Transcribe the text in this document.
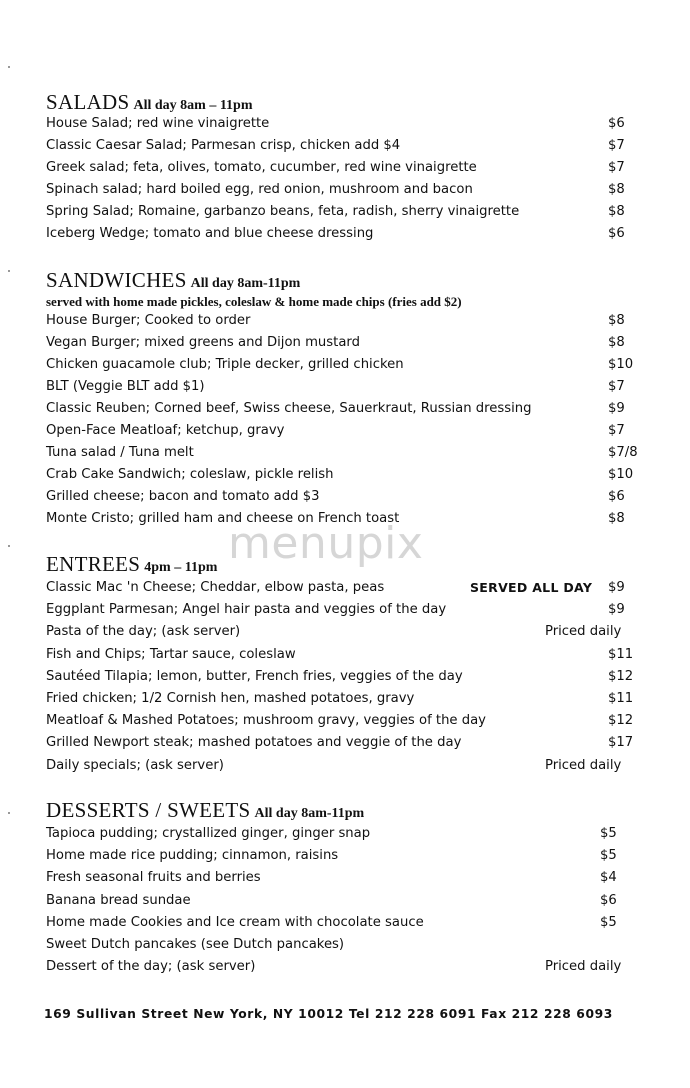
menupix
SALADS All day 8am – 11pm
House Salad; red wine vinaigrette	$6
Classic Caesar Salad; Parmesan crisp, chicken add $4	$7
Greek salad; feta, olives, tomato, cucumber, red wine vinaigrette	$7
Spinach salad; hard boiled egg, red onion, mushroom and bacon	$8
Spring Salad; Romaine, garbanzo beans, feta, radish, sherry vinaigrette	$8
Iceberg Wedge; tomato and blue cheese dressing	$6
SANDWICHES All day 8am-11pm
served with home made pickles, coleslaw & home made chips (fries add $2)
House Burger; Cooked to order	$8
Vegan Burger; mixed greens and Dijon mustard	$8
Chicken guacamole club; Triple decker, grilled chicken	$10
BLT (Veggie BLT add $1)	$7
Classic Reuben; Corned beef, Swiss cheese, Sauerkraut, Russian dressing	$9
Open-Face Meatloaf; ketchup, gravy	$7
Tuna salad / Tuna melt	$7/8
Crab Cake Sandwich; coleslaw, pickle relish	$10
Grilled cheese; bacon and tomato add $3	$6
Monte Cristo; grilled ham and cheese on French toast	$8
ENTREES 4pm – 11pm
Classic Mac 'n Cheese; Cheddar, elbow pasta, peas	SERVED ALL DAY $9
Eggplant Parmesan; Angel hair pasta and veggies of the day	$9
Pasta of the day; (ask server)	Priced daily
Fish and Chips; Tartar sauce, coleslaw	$11
Sautéed Tilapia; lemon, butter, French fries, veggies of the day	$12
Fried chicken; 1/2 Cornish hen, mashed potatoes, gravy	$11
Meatloaf & Mashed Potatoes; mushroom gravy, veggies of the day	$12
Grilled Newport steak; mashed potatoes and veggie of the day	$17
Daily specials; (ask server)	Priced daily
DESSERTS / SWEETS All day 8am-11pm
Tapioca pudding; crystallized ginger, ginger snap	$5
Home made rice pudding; cinnamon, raisins	$5
Fresh seasonal fruits and berries	$4
Banana bread sundae	$6
Home made Cookies and Ice cream with chocolate sauce	$5
Sweet Dutch pancakes (see Dutch pancakes)
Dessert of the day; (ask server)	Priced daily
169 Sullivan Street New York, NY 10012 Tel 212 228 6091 Fax 212 228 6093
